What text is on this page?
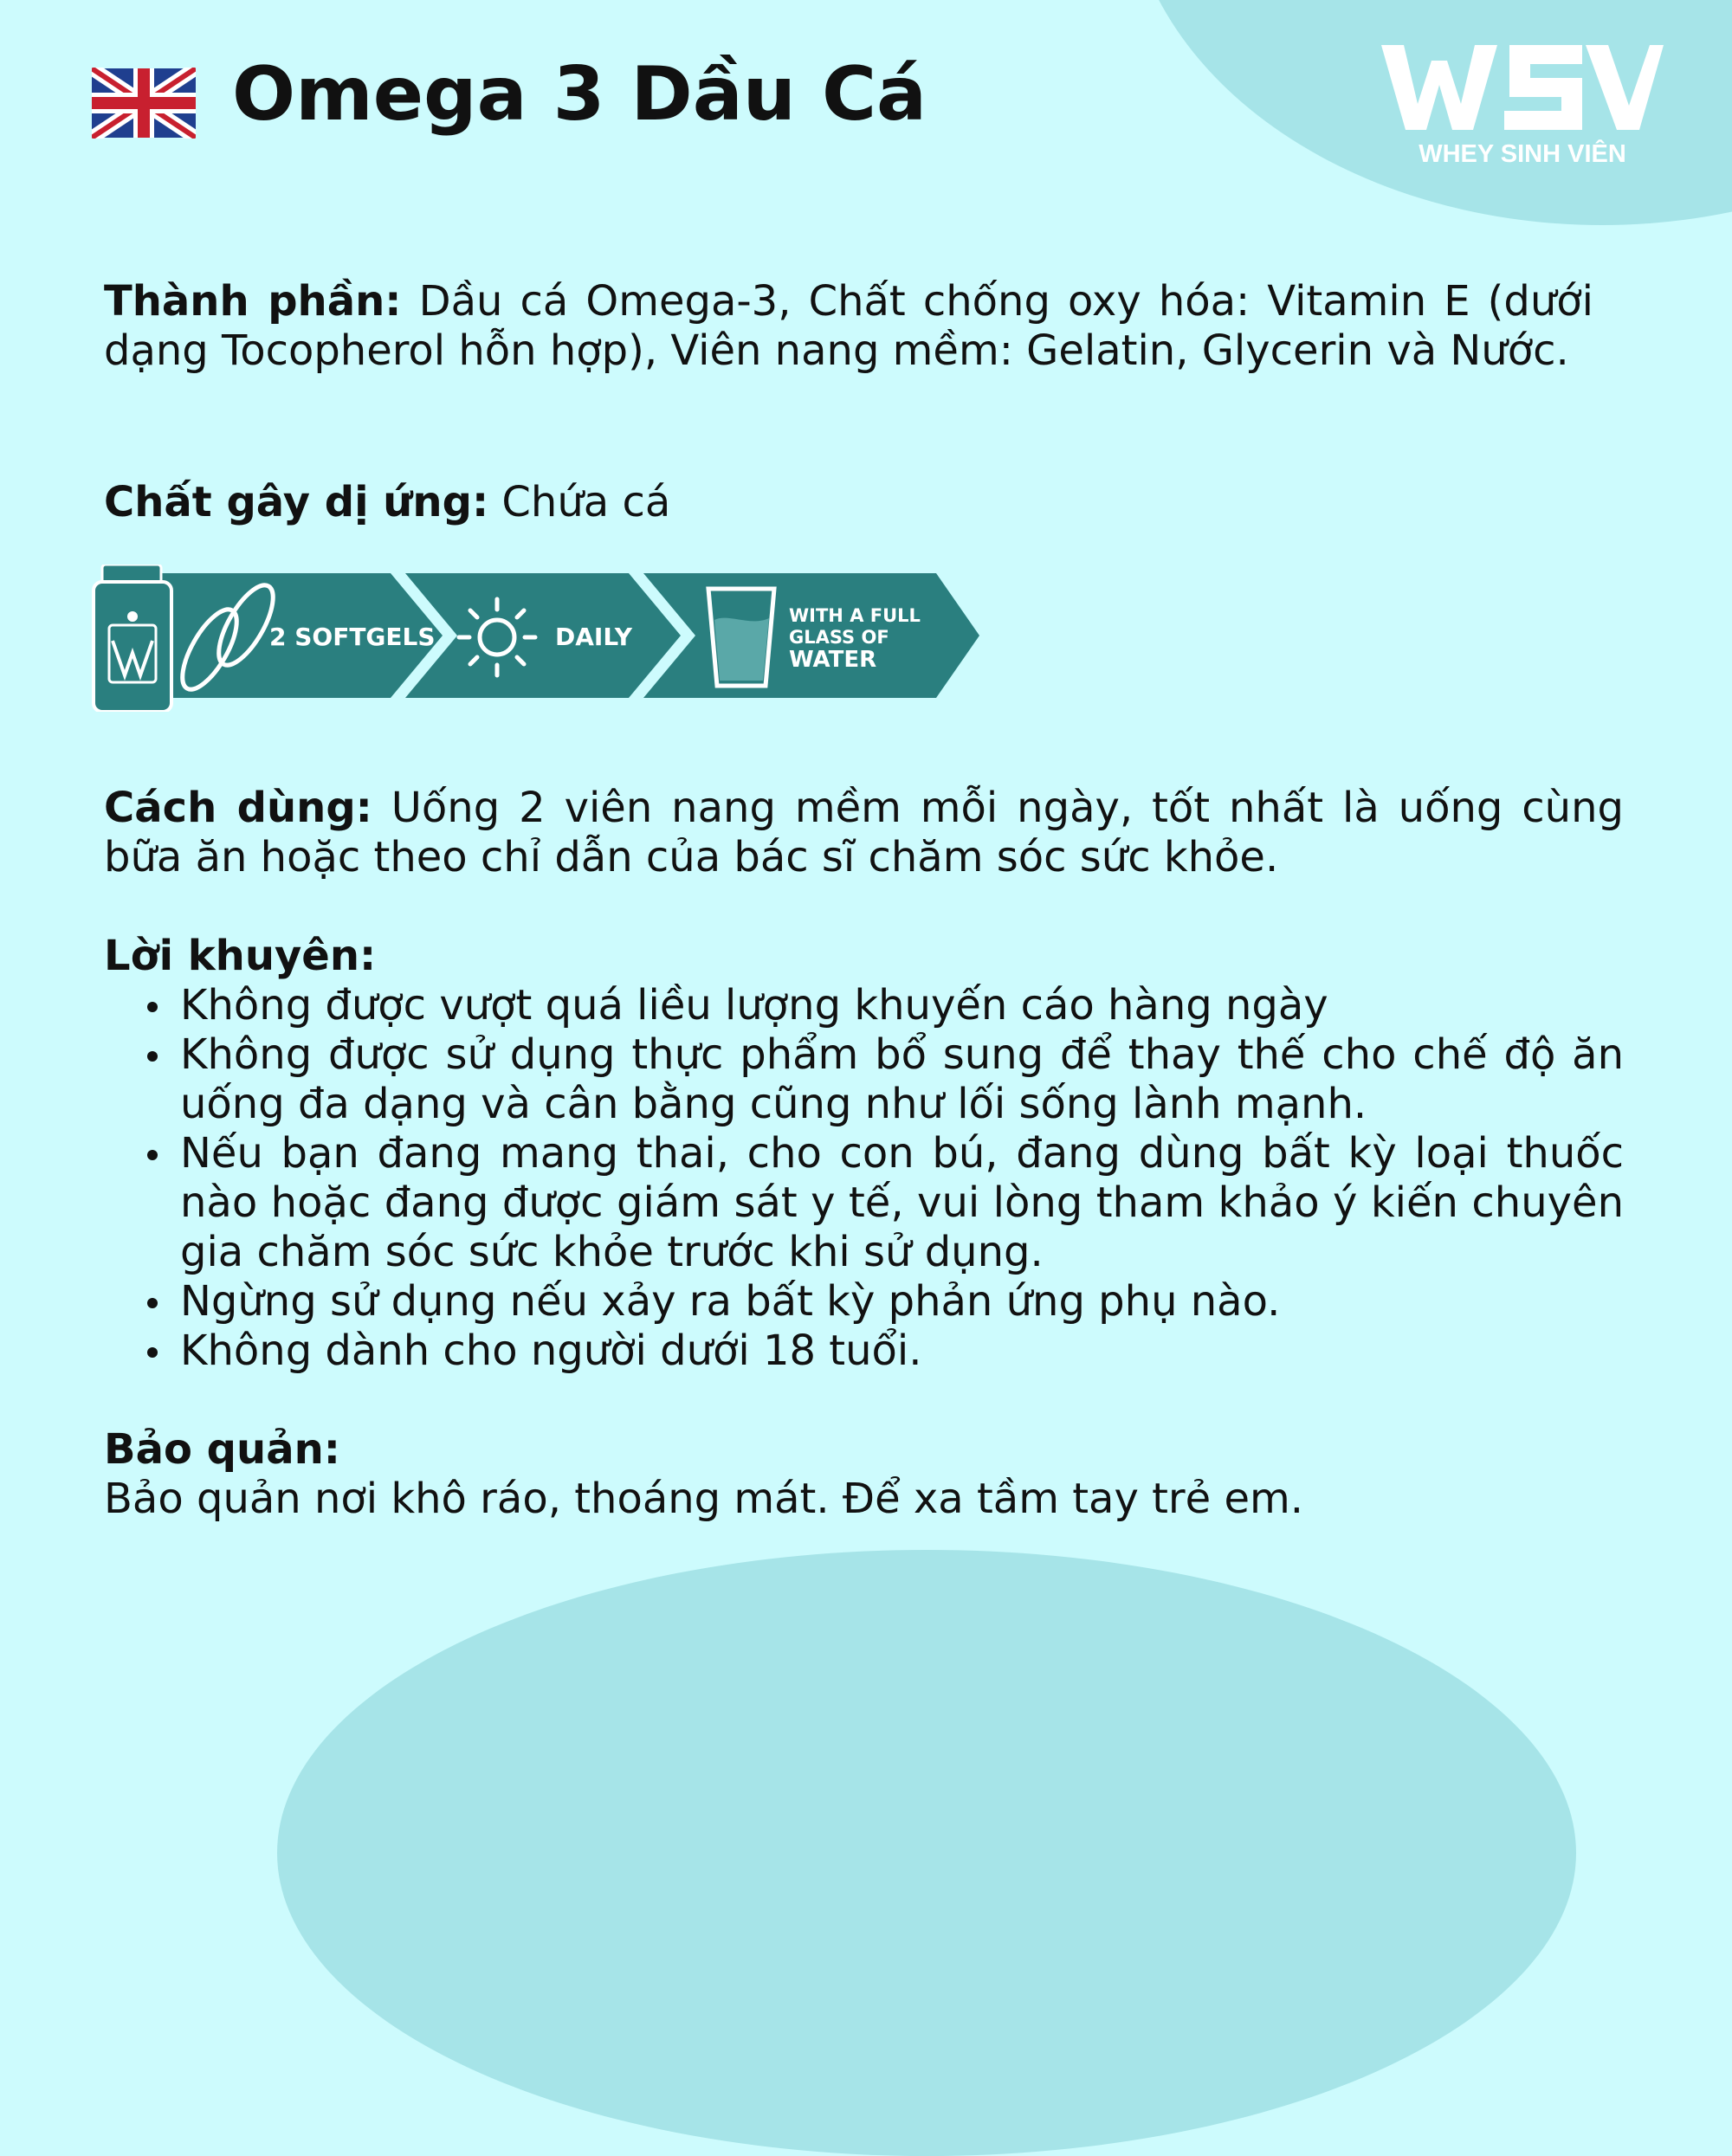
Omega 3 Dầu Cá
WHEY SINH VIÊN
Thành phần: Dầu cá Omega-3, Chất chống oxy hóa: Vitamin E (dưới dạng Tocopherol hỗn hợp), Viên nang mềm: Gelatin, Glycerin và Nước.
Chất gây dị ứng: Chứa cá
2 SOFTGELS	DAILY
WITH A FULL
GLASS OF
WATER
Cách dùng: Uống 2 viên nang mềm mỗi ngày, tốt nhất là uống cùng bữa ăn hoặc theo chỉ dẫn của bác sĩ chăm sóc sức khỏe.
Lời khuyên:
Không được vượt quá liều lượng khuyến cáo hàng ngày
Không được sử dụng thực phẩm bổ sung để thay thế cho chế độ ăn uống đa dạng và cân bằng cũng như lối sống lành mạnh.
Nếu bạn đang mang thai, cho con bú, đang dùng bất kỳ loại thuốc nào hoặc đang được giám sát y tế, vui lòng tham khảo ý kiến chuyên gia chăm sóc sức khỏe trước khi sử dụng.
Ngừng sử dụng nếu xảy ra bất kỳ phản ứng phụ nào.
Không dành cho người dưới 18 tuổi.
Bảo quản:
Bảo quản nơi khô ráo, thoáng mát. Để xa tầm tay trẻ em.
